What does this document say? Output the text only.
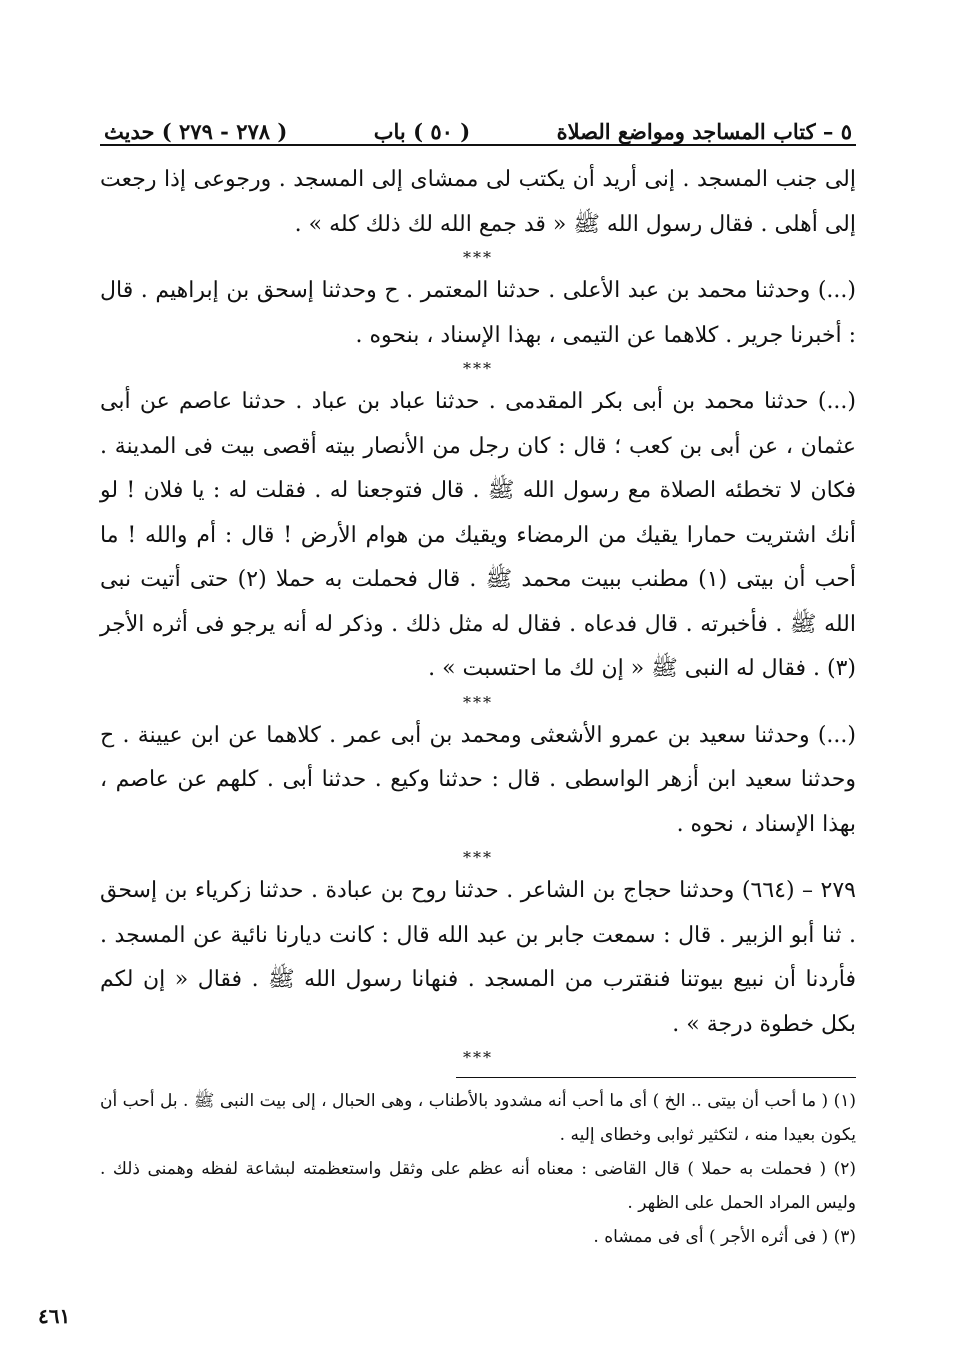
٥ – كتاب المساجد ومواضع الصلاة
( ٥٠ ) باب
( ٢٧٨ - ٢٧٩ ) حديث

إلى جنب المسجد . إنى أريد أن يكتب لى ممشاى إلى المسجد . ورجوعى إذا رجعت إلى أهلى . فقال رسول الله ﷺ « قد جمع الله لك ذلك كله » .

***

(...) وحدثنا محمد بن عبد الأعلى . حدثنا المعتمر . ح وحدثنا إسحق بن إبراهيم . قال : أخبرنا جرير . كلاهما عن التيمى ، بهذا الإسناد ، بنحوه .

***

(...) حدثنا محمد بن أبى بكر المقدمى . حدثنا عباد بن عباد . حدثنا عاصم عن أبى عثمان ، عن أبى بن كعب ؛ قال : كان رجل من الأنصار بيته أقصى بيت فى المدينة . فكان لا تخطئه الصلاة مع رسول الله ﷺ . قال فتوجعنا له . فقلت له : يا فلان ! لو أنك اشتريت حمارا يقيك من الرمضاء ويقيك من هوام الأرض ! قال : أم والله ! ما أحب أن بيتى (١) مطنب ببيت محمد ﷺ . قال فحملت به حملا (٢) حتى أتيت نبى الله ﷺ . فأخبرته . قال فدعاه . فقال له مثل ذلك . وذكر له أنه يرجو فى أثره الأجر (٣) . فقال له النبى ﷺ « إن لك ما احتسبت » .

***

(...) وحدثنا سعيد بن عمرو الأشعثى ومحمد بن أبى عمر . كلاهما عن ابن عيينة . ح وحدثنا سعيد ابن أزهر الواسطى . قال : حدثنا وكيع . حدثنا أبى . كلهم عن عاصم ، بهذا الإسناد ، نحوه .

***

٢٧٩ – (٦٦٤) وحدثنا حجاج بن الشاعر . حدثنا روح بن عبادة . حدثنا زكرياء بن إسحق . ثنا أبو الزبير . قال : سمعت جابر بن عبد الله قال : كانت ديارنا نائية عن المسجد . فأردنا أن نبيع بيوتنا فنقترب من المسجد . فنهانا رسول الله ﷺ . فقال « إن لكم بكل خطوة درجة » .

***

(١) ( ما أحب أن بيتى .. الخ ) أى ما أحب أنه مشدود بالأطناب ، وهى الحبال ، إلى بيت النبى ﷺ . بل أحب أن يكون بعيدا منه ، لتكثير ثوابى وخطاى إليه .

(٢) ( فحملت به حملا ) قال القاضى : معناه أنه عظم على وثقل واستعظمته لبشاعة لفظه وهمنى ذلك . وليس المراد الحمل على الظهر .

(٣) ( فى أثره الأجر ) أى فى ممشاه .

٤٦١
